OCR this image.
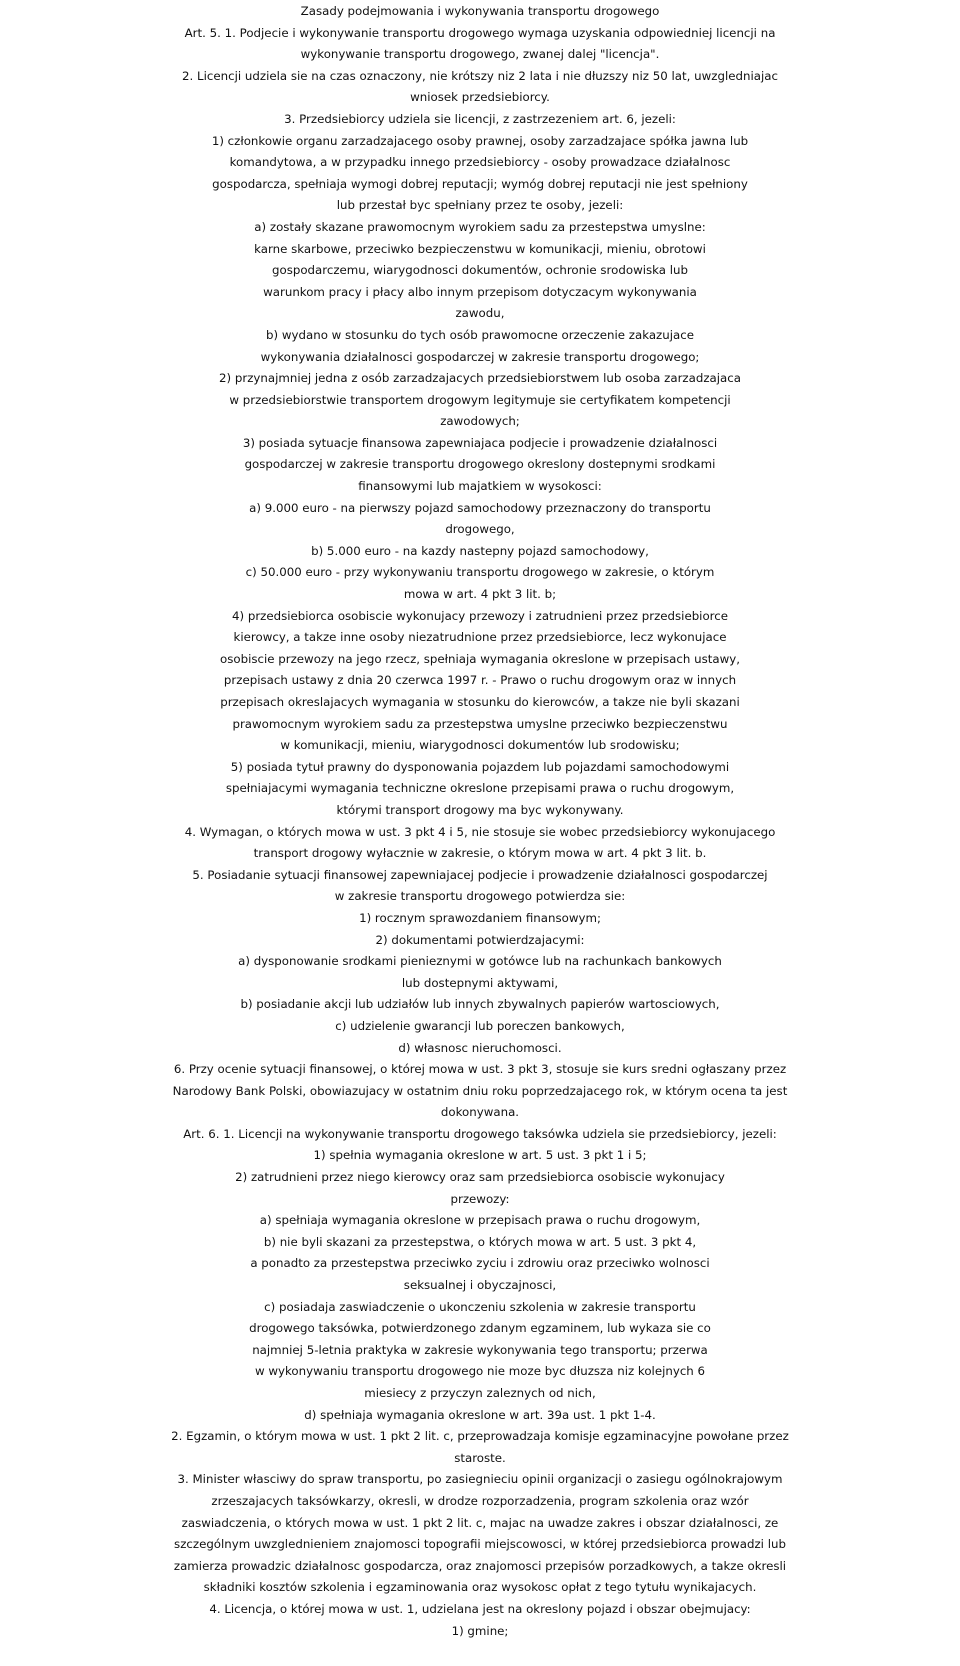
Zasady podejmowania i wykonywania transportu drogowego
Art. 5. 1. Podjecie i wykonywanie transportu drogowego wymaga uzyskania odpowiedniej licencji na
wykonywanie transportu drogowego, zwanej dalej "licencja".
2. Licencji udziela sie na czas oznaczony, nie krótszy niz 2 lata i nie dłuzszy niz 50 lat, uwzgledniajac
wniosek przedsiebiorcy.
3. Przedsiebiorcy udziela sie licencji, z zastrzezeniem art. 6, jezeli:
1) członkowie organu zarzadzajacego osoby prawnej, osoby zarzadzajace spółka jawna lub
komandytowa, a w przypadku innego przedsiebiorcy - osoby prowadzace działalnosc
gospodarcza, spełniaja wymogi dobrej reputacji; wymóg dobrej reputacji nie jest spełniony
lub przestał byc spełniany przez te osoby, jezeli:
a) zostały skazane prawomocnym wyrokiem sadu za przestepstwa umyslne:
karne skarbowe, przeciwko bezpieczenstwu w komunikacji, mieniu, obrotowi
gospodarczemu, wiarygodnosci dokumentów, ochronie srodowiska lub
warunkom pracy i płacy albo innym przepisom dotyczacym wykonywania
zawodu,
b) wydano w stosunku do tych osób prawomocne orzeczenie zakazujace
wykonywania działalnosci gospodarczej w zakresie transportu drogowego;
2) przynajmniej jedna z osób zarzadzajacych przedsiebiorstwem lub osoba zarzadzajaca
w przedsiebiorstwie transportem drogowym legitymuje sie certyfikatem kompetencji
zawodowych;
3) posiada sytuacje finansowa zapewniajaca podjecie i prowadzenie działalnosci
gospodarczej w zakresie transportu drogowego okreslony dostepnymi srodkami
finansowymi lub majatkiem w wysokosci:
a) 9.000 euro - na pierwszy pojazd samochodowy przeznaczony do transportu
drogowego,
b) 5.000 euro - na kazdy nastepny pojazd samochodowy,
c) 50.000 euro - przy wykonywaniu transportu drogowego w zakresie, o którym
mowa w art. 4 pkt 3 lit. b;
4) przedsiebiorca osobiscie wykonujacy przewozy i zatrudnieni przez przedsiebiorce
kierowcy, a takze inne osoby niezatrudnione przez przedsiebiorce, lecz wykonujace
osobiscie przewozy na jego rzecz, spełniaja wymagania okreslone w przepisach ustawy,
przepisach ustawy z dnia 20 czerwca 1997 r. - Prawo o ruchu drogowym oraz w innych
przepisach okreslajacych wymagania w stosunku do kierowców, a takze nie byli skazani
prawomocnym wyrokiem sadu za przestepstwa umyslne przeciwko bezpieczenstwu
w komunikacji, mieniu, wiarygodnosci dokumentów lub srodowisku;
5) posiada tytuł prawny do dysponowania pojazdem lub pojazdami samochodowymi
spełniajacymi wymagania techniczne okreslone przepisami prawa o ruchu drogowym,
którymi transport drogowy ma byc wykonywany.
4. Wymagan, o których mowa w ust. 3 pkt 4 i 5, nie stosuje sie wobec przedsiebiorcy wykonujacego
transport drogowy wyłacznie w zakresie, o którym mowa w art. 4 pkt 3 lit. b.
5. Posiadanie sytuacji finansowej zapewniajacej podjecie i prowadzenie działalnosci gospodarczej
w zakresie transportu drogowego potwierdza sie:
1) rocznym sprawozdaniem finansowym;
2) dokumentami potwierdzajacymi:
a) dysponowanie srodkami pienieznymi w gotówce lub na rachunkach bankowych
lub dostepnymi aktywami,
b) posiadanie akcji lub udziałów lub innych zbywalnych papierów wartosciowych,
c) udzielenie gwarancji lub poreczen bankowych,
d) własnosc nieruchomosci.
6. Przy ocenie sytuacji finansowej, o której mowa w ust. 3 pkt 3, stosuje sie kurs sredni ogłaszany przez
Narodowy Bank Polski, obowiazujacy w ostatnim dniu roku poprzedzajacego rok, w którym ocena ta jest
dokonywana.
Art. 6. 1. Licencji na wykonywanie transportu drogowego taksówka udziela sie przedsiebiorcy, jezeli:
1) spełnia wymagania okreslone w art. 5 ust. 3 pkt 1 i 5;
2) zatrudnieni przez niego kierowcy oraz sam przedsiebiorca osobiscie wykonujacy
przewozy:
a) spełniaja wymagania okreslone w przepisach prawa o ruchu drogowym,
b) nie byli skazani za przestepstwa, o których mowa w art. 5 ust. 3 pkt 4,
a ponadto za przestepstwa przeciwko zyciu i zdrowiu oraz przeciwko wolnosci
seksualnej i obyczajnosci,
c) posiadaja zaswiadczenie o ukonczeniu szkolenia w zakresie transportu
drogowego taksówka, potwierdzonego zdanym egzaminem, lub wykaza sie co
najmniej 5-letnia praktyka w zakresie wykonywania tego transportu; przerwa
w wykonywaniu transportu drogowego nie moze byc dłuzsza niz kolejnych 6
miesiecy z przyczyn zaleznych od nich,
d) spełniaja wymagania okreslone w art. 39a ust. 1 pkt 1-4.
2. Egzamin, o którym mowa w ust. 1 pkt 2 lit. c, przeprowadzaja komisje egzaminacyjne powołane przez
staroste.
3. Minister własciwy do spraw transportu, po zasiegnieciu opinii organizacji o zasiegu ogólnokrajowym
zrzeszajacych taksówkarzy, okresli, w drodze rozporzadzenia, program szkolenia oraz wzór
zaswiadczenia, o których mowa w ust. 1 pkt 2 lit. c, majac na uwadze zakres i obszar działalnosci, ze
szczególnym uwzglednieniem znajomosci topografii miejscowosci, w której przedsiebiorca prowadzi lub
zamierza prowadzic działalnosc gospodarcza, oraz znajomosci przepisów porzadkowych, a takze okresli
składniki kosztów szkolenia i egzaminowania oraz wysokosc opłat z tego tytułu wynikajacych.
4. Licencja, o której mowa w ust. 1, udzielana jest na okreslony pojazd i obszar obejmujacy:
1) gmine;
